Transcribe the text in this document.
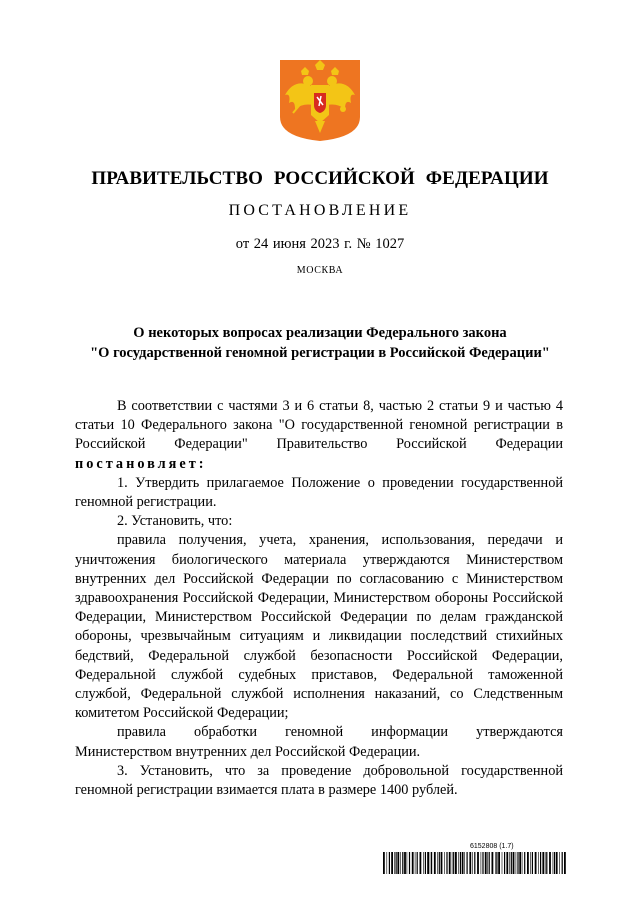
ПРАВИТЕЛЬСТВО РОССИЙСКОЙ ФЕДЕРАЦИИ
ПОСТАНОВЛЕНИЕ
от 24 июня 2023 г. № 1027
МОСКВА
О некоторых вопросах реализации Федерального закона
"О государственной геномной регистрации в Российской Федерации"

В соответствии с частями 3 и 6 статьи 8, частью 2 статьи 9 и частью 4 статьи 10 Федерального закона "О государственной геномной регистрации в Российской Федерации" Правительство Российской Федерации

постановляет:

1. Утвердить прилагаемое Положение о проведении государственной геномной регистрации.

2. Установить, что:

правила получения, учета, хранения, использования, передачи и уничтожения биологического материала утверждаются Министерством внутренних дел Российской Федерации по согласованию с Министерством здравоохранения Российской Федерации, Министерством обороны Российской Федерации, Министерством Российской Федерации по делам гражданской обороны, чрезвычайным ситуациям и ликвидации последствий стихийных бедствий, Федеральной службой безопасности Российской Федерации, Федеральной службой судебных приставов, Федеральной таможенной службой, Федеральной службой исполнения наказаний, со Следственным комитетом Российской Федерации;

правила обработки геномной информации утверждаются Министерством внутренних дел Российской Федерации.

3. Установить, что за проведение добровольной государственной геномной регистрации взимается плата в размере 1400 рублей.

6152808 (1.7)
